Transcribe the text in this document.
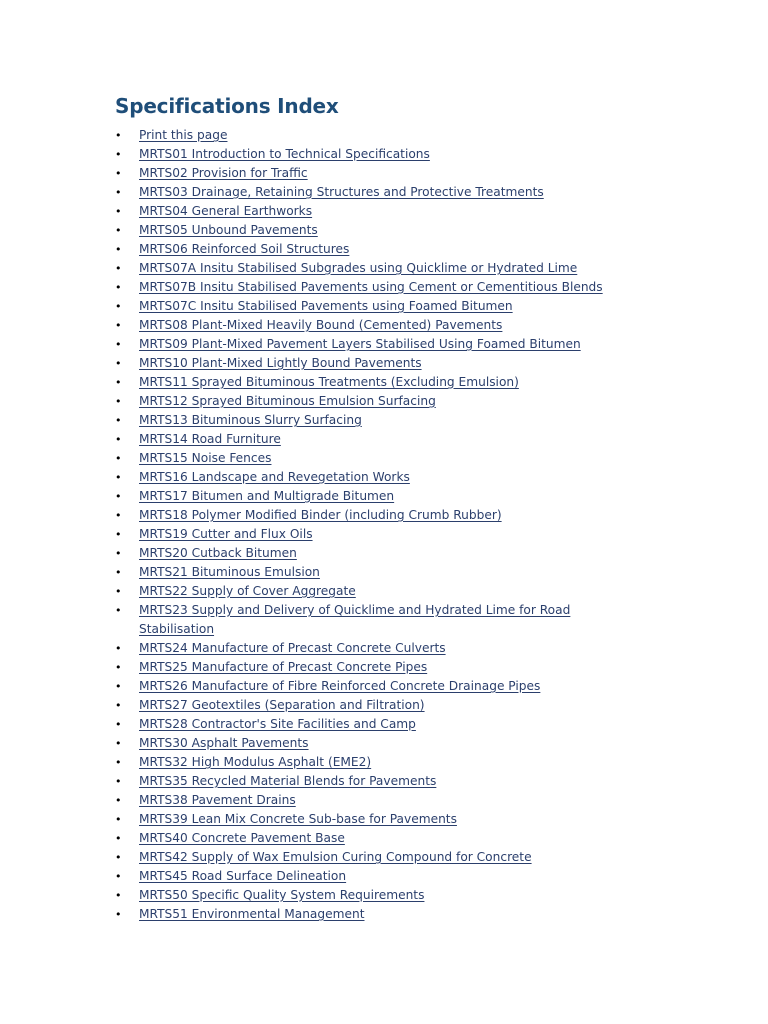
Specifications Index
• Print this page
• MRTS01 Introduction to Technical Specifications
• MRTS02 Provision for Traffic
• MRTS03 Drainage, Retaining Structures and Protective Treatments
• MRTS04 General Earthworks
• MRTS05 Unbound Pavements
• MRTS06 Reinforced Soil Structures
• MRTS07A Insitu Stabilised Subgrades using Quicklime or Hydrated Lime
• MRTS07B Insitu Stabilised Pavements using Cement or Cementitious Blends
• MRTS07C Insitu Stabilised Pavements using Foamed Bitumen
• MRTS08 Plant-Mixed Heavily Bound (Cemented) Pavements
• MRTS09 Plant-Mixed Pavement Layers Stabilised Using Foamed Bitumen
• MRTS10 Plant-Mixed Lightly Bound Pavements
• MRTS11 Sprayed Bituminous Treatments (Excluding Emulsion)
• MRTS12 Sprayed Bituminous Emulsion Surfacing
• MRTS13 Bituminous Slurry Surfacing
• MRTS14 Road Furniture
• MRTS15 Noise Fences
• MRTS16 Landscape and Revegetation Works
• MRTS17 Bitumen and Multigrade Bitumen
• MRTS18 Polymer Modified Binder (including Crumb Rubber)
• MRTS19 Cutter and Flux Oils
• MRTS20 Cutback Bitumen
• MRTS21 Bituminous Emulsion
• MRTS22 Supply of Cover Aggregate
• MRTS23 Supply and Delivery of Quicklime and Hydrated Lime for Road Stabilisation
• MRTS24 Manufacture of Precast Concrete Culverts
• MRTS25 Manufacture of Precast Concrete Pipes
• MRTS26 Manufacture of Fibre Reinforced Concrete Drainage Pipes
• MRTS27 Geotextiles (Separation and Filtration)
• MRTS28 Contractor's Site Facilities and Camp
• MRTS30 Asphalt Pavements
• MRTS32 High Modulus Asphalt (EME2)
• MRTS35 Recycled Material Blends for Pavements
• MRTS38 Pavement Drains
• MRTS39 Lean Mix Concrete Sub-base for Pavements
• MRTS40 Concrete Pavement Base
• MRTS42 Supply of Wax Emulsion Curing Compound for Concrete
• MRTS45 Road Surface Delineation
• MRTS50 Specific Quality System Requirements
• MRTS51 Environmental Management
